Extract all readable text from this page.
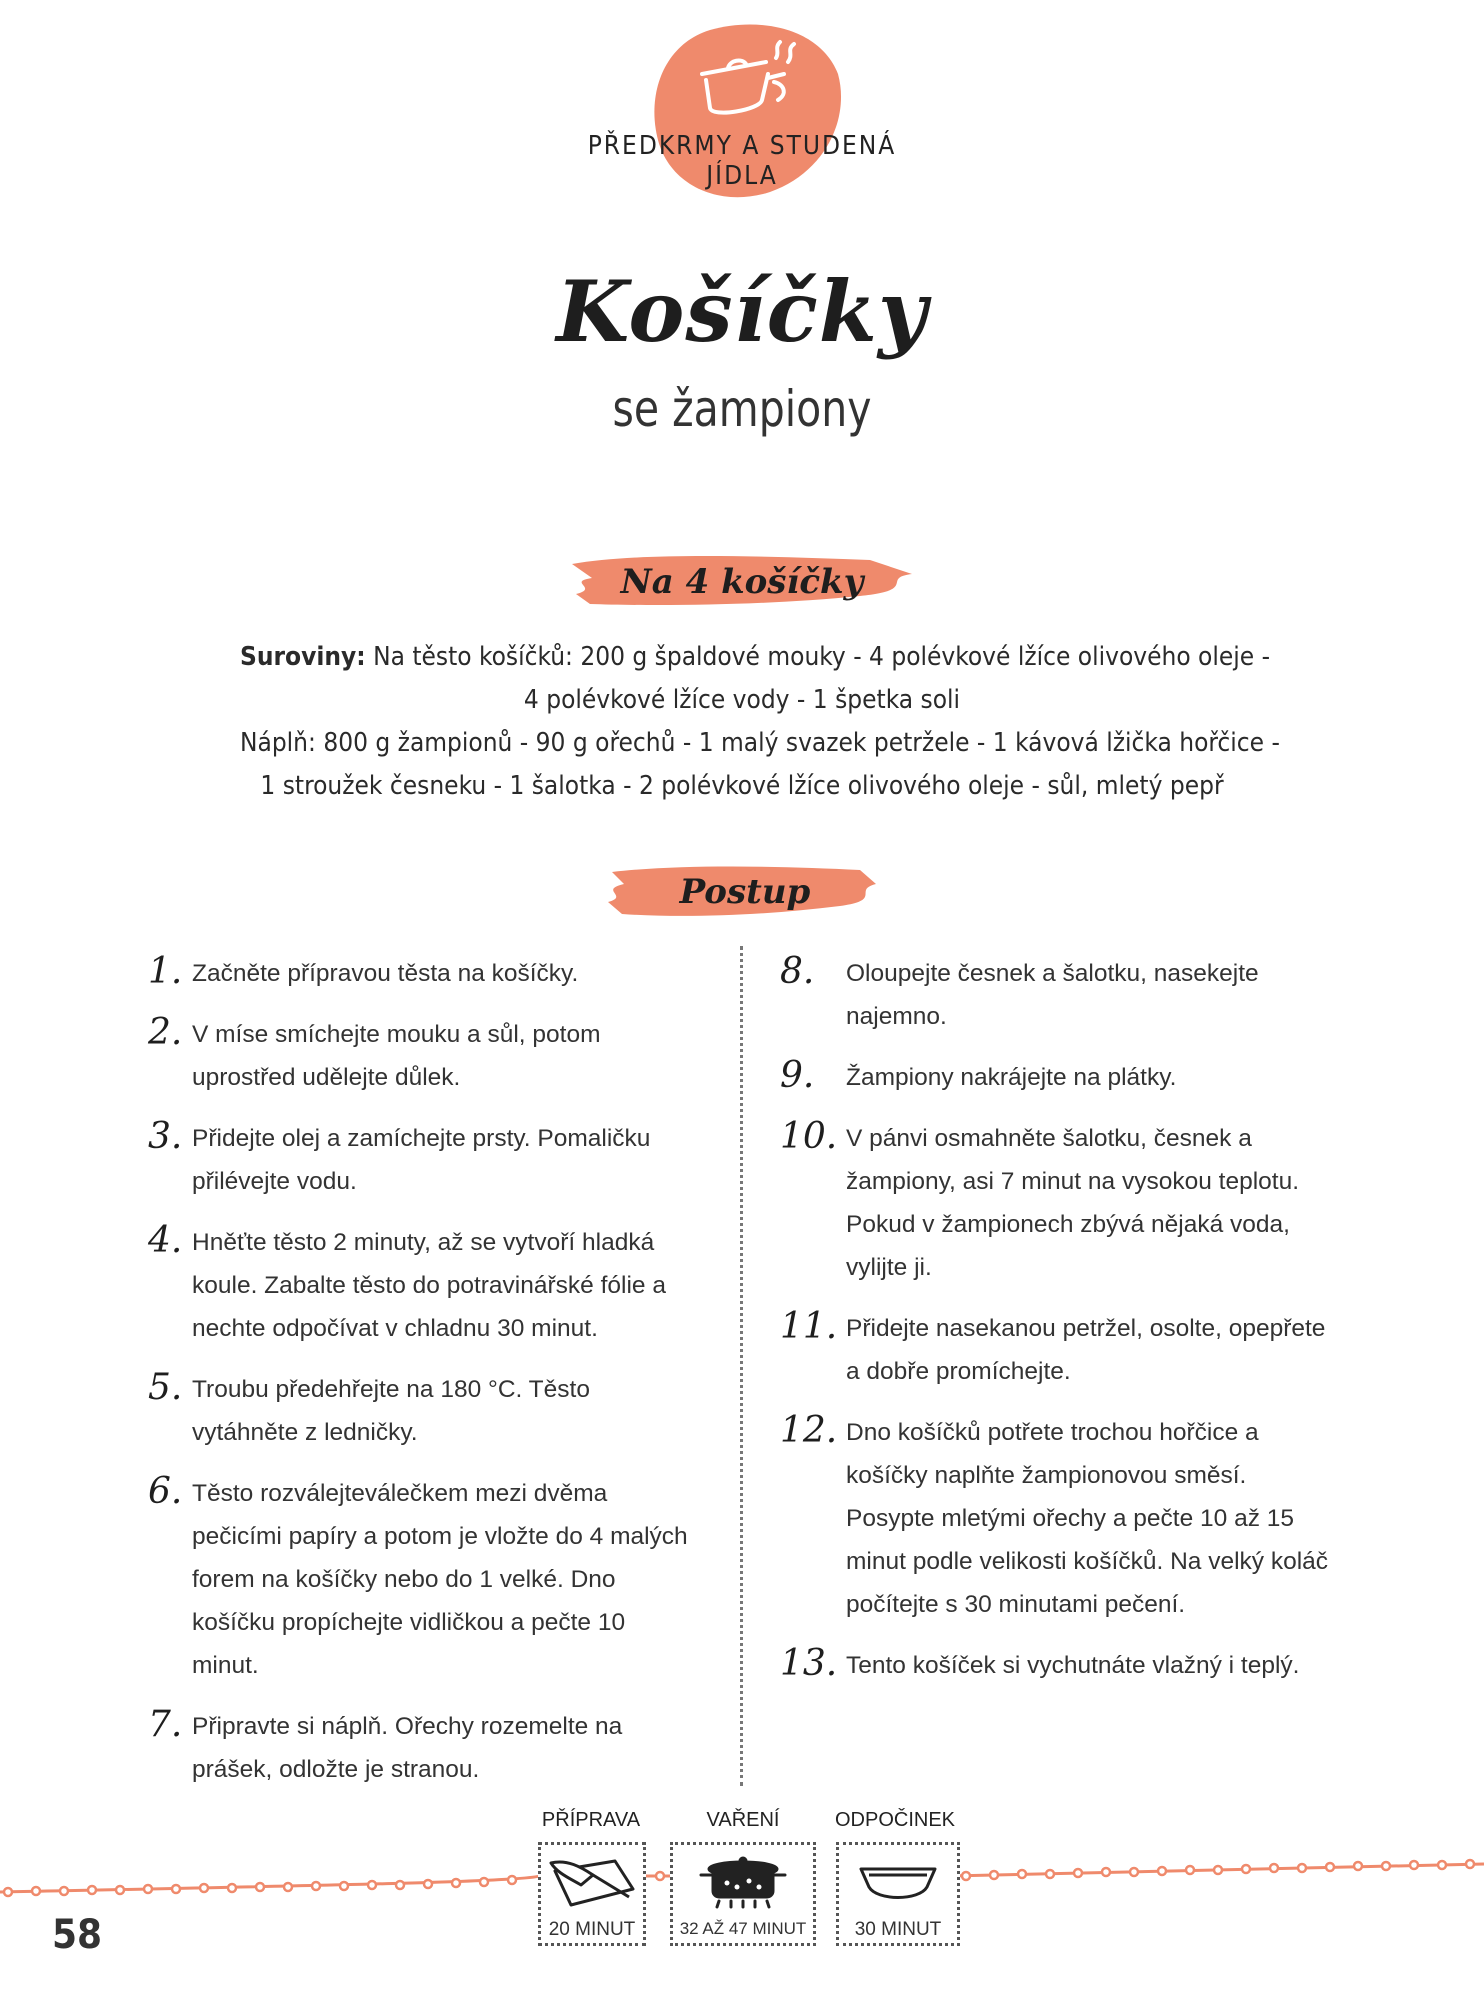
PŘEDKRMY A STUDENÁ JÍDLA
Košíčky
se žampiony
Na 4 košíčky
Suroviny: Na těsto košíčků: 200 g špaldové mouky - 4 polévkové lžíce olivového oleje -
4 polévkové lžíce vody - 1 špetka soli
Náplň: 800 g žampionů - 90 g ořechů - 1 malý svazek petržele - 1 kávová lžička hořčice -
1 stroužek česneku - 1 šalotka - 2 polévkové lžíce olivového oleje - sůl, mletý pepř
Postup
1. Začněte přípravou těsta na košíčky.
2. V míse smíchejte mouku a sůl, potom uprostřed udělejte důlek.
3. Přidejte olej a zamíchejte prsty. Pomaličku přilévejte vodu.
4. Hněťte těsto 2 minuty, až se vytvoří hladká koule. Zabalte těsto do potravinářské fólie a nechte odpočívat v chladnu 30 minut.
5. Troubu předehřejte na 180 °C. Těsto vytáhněte z ledničky.
6. Těsto rozválejteválečkem mezi dvěma pečicími papíry a potom je vložte do 4 malých forem na košíčky nebo do 1 velké. Dno košíčku propíchejte vidličkou a pečte 10 minut.
7. Připravte si náplň. Ořechy rozemelte na prášek, odložte je stranou.
8. Oloupejte česnek a šalotku, nasekejte najemno.
9. Žampiony nakrájejte na plátky.
10. V pánvi osmahněte šalotku, česnek a žampiony, asi 7 minut na vysokou teplotu. Pokud v žampionech zbývá nějaká voda, vylijte ji.
11. Přidejte nasekanou petržel, osolte, opepřete a dobře promíchejte.
12. Dno košíčků potřete trochou hořčice a košíčky naplňte žampionovou směsí. Posypte mletými ořechy a pečte 10 až 15 minut podle velikosti košíčků. Na velký koláč počítejte s 30 minutami pečení.
13. Tento košíček si vychutnáte vlažný i teplý.
PŘÍPRAVA
20 MINUT
VAŘENÍ
32 AŽ 47 MINUT
ODPOČINEK
30 MINUT
58
